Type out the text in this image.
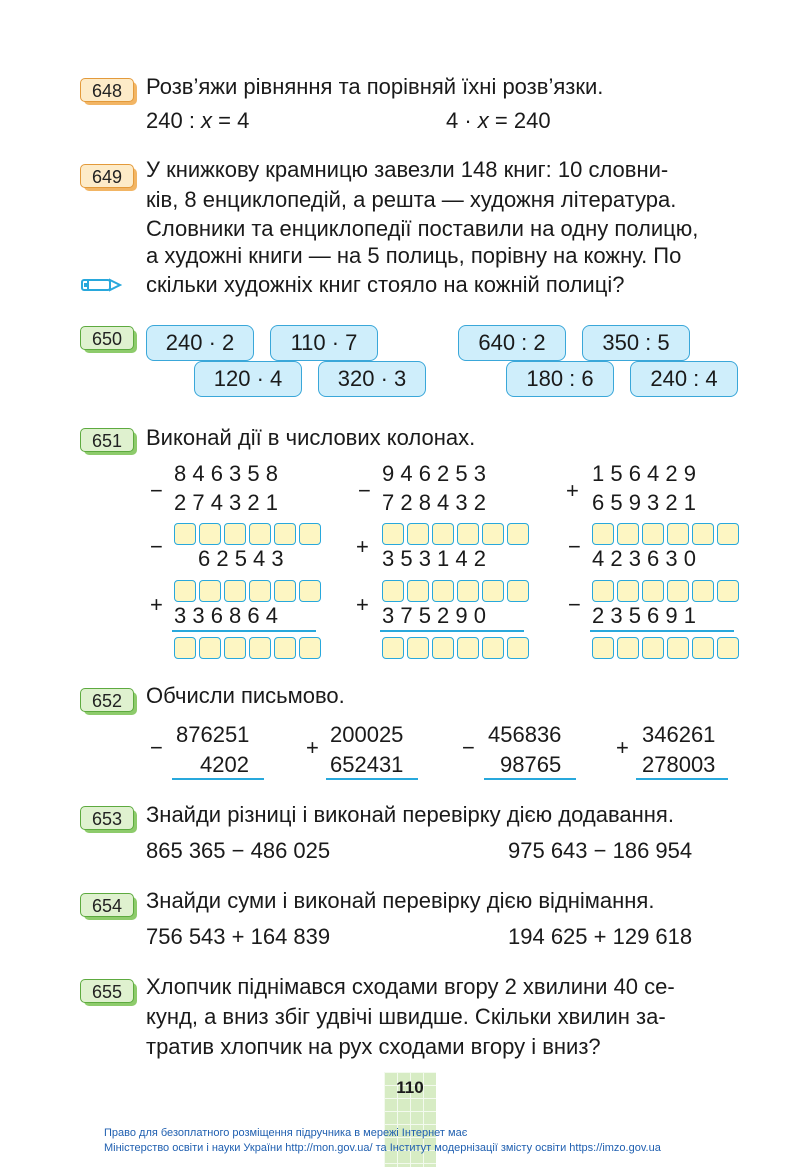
648	Розв’яжи рівняння та порівняй їхні розв’язки.
240 : x = 4	4 · x = 240
649	У книжкову крамницю завезли 148 книг: 10 словни-
ків, 8 енциклопедій, а решта — художня література.
Словники та енциклопедії поставили на одну полицю,
а художні книги — на 5 полиць, порівну на кожну. По
скільки художніх книг стояло на кожній полиці?
650	240 · 2	110 · 7
120 · 4	320 · 3
640 : 2	350 : 5
180 : 6	240 : 4
651	Виконай дії в числових колонах.
−
8 4 6 3 5 8
2 7 4 3 2 1
− 6 2 5 4 3
+ 3 3 6 8 6 4
−
9 4 6 2 5 3
7 2 8 4 3 2
+ 3 5 3 1 4 2
+ 3 7 5 2 9 0
+
1 5 6 4 2 9
6 5 9 3 2 1
− 4 2 3 6 3 0
− 2 3 5 6 9 1
652	Обчисли письмово.
−
876251
4202
+
200025
652431
−
456836
98765
+
346261
278003
653	Знайди різниці і виконай перевірку дією додавання.
865 365 − 486 025	975 643 − 186 954
654	Знайди суми і виконай перевірку дією віднімання.
756 543 + 164 839	194 625 + 129 618
655	Хлопчик піднімався сходами вгору 2 хвилини 40 се-
кунд, а вниз збіг удвічі швидше. Скільки хвилин за-
тратив хлопчик на рух сходами вгору і вниз?
110
Право для безоплатного розміщення підручника в мережі Інтернет має
Міністерство освіти і науки України http://mon.gov.ua/ та Інститут модернізації змісту освіти https://imzo.gov.ua
